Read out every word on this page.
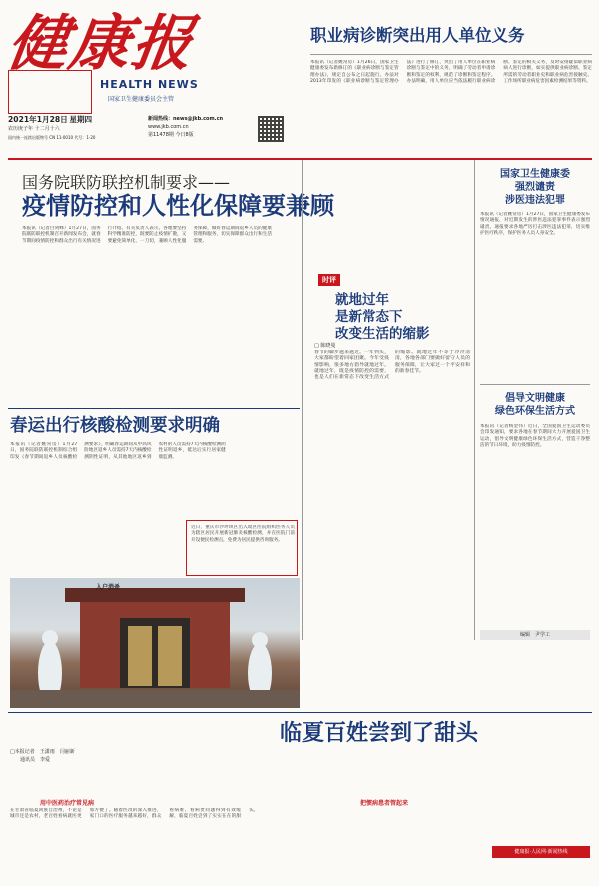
健康报
HEALTH NEWS
国家卫生健康委员会主管
2021年1月28日 星期四
农历庚子年 十二月十六
国内统一连续出版物号 CN 11-0010 代号：1-20
新闻热线：news@jkb.com.cn
www.jkb.com.cn
第11478期 今日8版
职业病诊断突出用人单位义务
本报讯（记者姚常房）1月26日，国家卫生健康委发布新修订的《职业病诊断与鉴定管理办法》，规定自公布之日起施行。办法对2013年印发的《职业病诊断与鉴定管理办法》进行了修订，突出了用人单位在职业病诊断与鉴定中的义务，明确了劳动者申请诊断和鉴定的权利，规范了诊断和鉴定程序。办法明确，用人单位应当依法履行职业病诊断、鉴定的相关义务，及时安排疑似职业病病人进行诊断，如实提供职业病诊断、鉴定所需的劳动者职业史和职业病危害接触史、工作场所职业病危害因素检测结果等资料。
国务院联防联控机制要求——
疫情防控和人性化保障要兼顾
本报讯（记者白剑峰）1月27日，国务院联防联控机制召开新闻发布会，就春节期间疫情防控和群众出行有关情况进行介绍。有关负责人表示，各地要坚持科学精准防控，既要防止疫情扩散，又要避免简单化、一刀切，兼顾人性化服务保障，做好春运期间返乡人员的健康管理和服务，切实保障群众出行和生活需要。
时评
就地过年
是新常态下
改变生活的缩影
□ 陈晓曼
春节的脚步越来越近。一年到头，大家都盼望着回家团聚。今年受疫情影响，很多地方倡导就地过年。就地过年，既是疫情防控的需要，也是人们在新常态下改变生活方式的缩影。就地过年不等于冷冷清清，各地各部门要做好留守人员的服务保障，让大家过一个平安祥和的新春佳节。
国家卫生健康委
强烈谴责
涉医违法犯罪
本报讯（记者姚常房）1月27日，国家卫生健康委发布情况通报，对近期发生的涉医违法犯罪事件表示强烈谴责。通报要求各地严厉打击涉医违法犯罪，切实维护医疗秩序，保护医务人员人身安全。
倡导文明健康
绿色环保生活方式
本报讯（记者杨金伟）近日，全国爱国卫生运动委员会印发通知，要求各地在春节期间大力开展爱国卫生运动，倡导文明健康绿色环保生活方式，营造干净整洁的节日环境，助力疫情防控。
编辑　尹学工
春运出行核酸检测要求明确
本报讯（记者姚常房）1月27日，国务院联防联控机制综合组印发《春节期间返乡人员核酸检测要求》，明确春运期间从中高风险地区返乡人员需持7天内核酸检测阴性证明，从其他地区返乡到农村的人员需持7天内核酸检测阴性证明返乡，抵达后实行居家健康监测。
近日，重庆市沙坪坝区出入境区医院组织医务人员为辖区居民开展新冠肺炎核酸检测，并在医院门前开设便民检测点，免费为居民提供咨询服务。
入户消杀
临夏百姓尝到了甜头
□本报记者　王潇雨　闫丽新
　　通讯员　李爱
用中医药治疗常见病
在甘肃省临夏回族自治州，不论是城市还是农村，老百姓看病就医更加方便了。随着医改的深入推进，家门口的医疗服务越来越好，群众看病难、看病贵问题得到有效缓解，临夏百姓尝到了实实在在的甜头。
把惯病患者管起来
健康报·人民网·新闻热线
